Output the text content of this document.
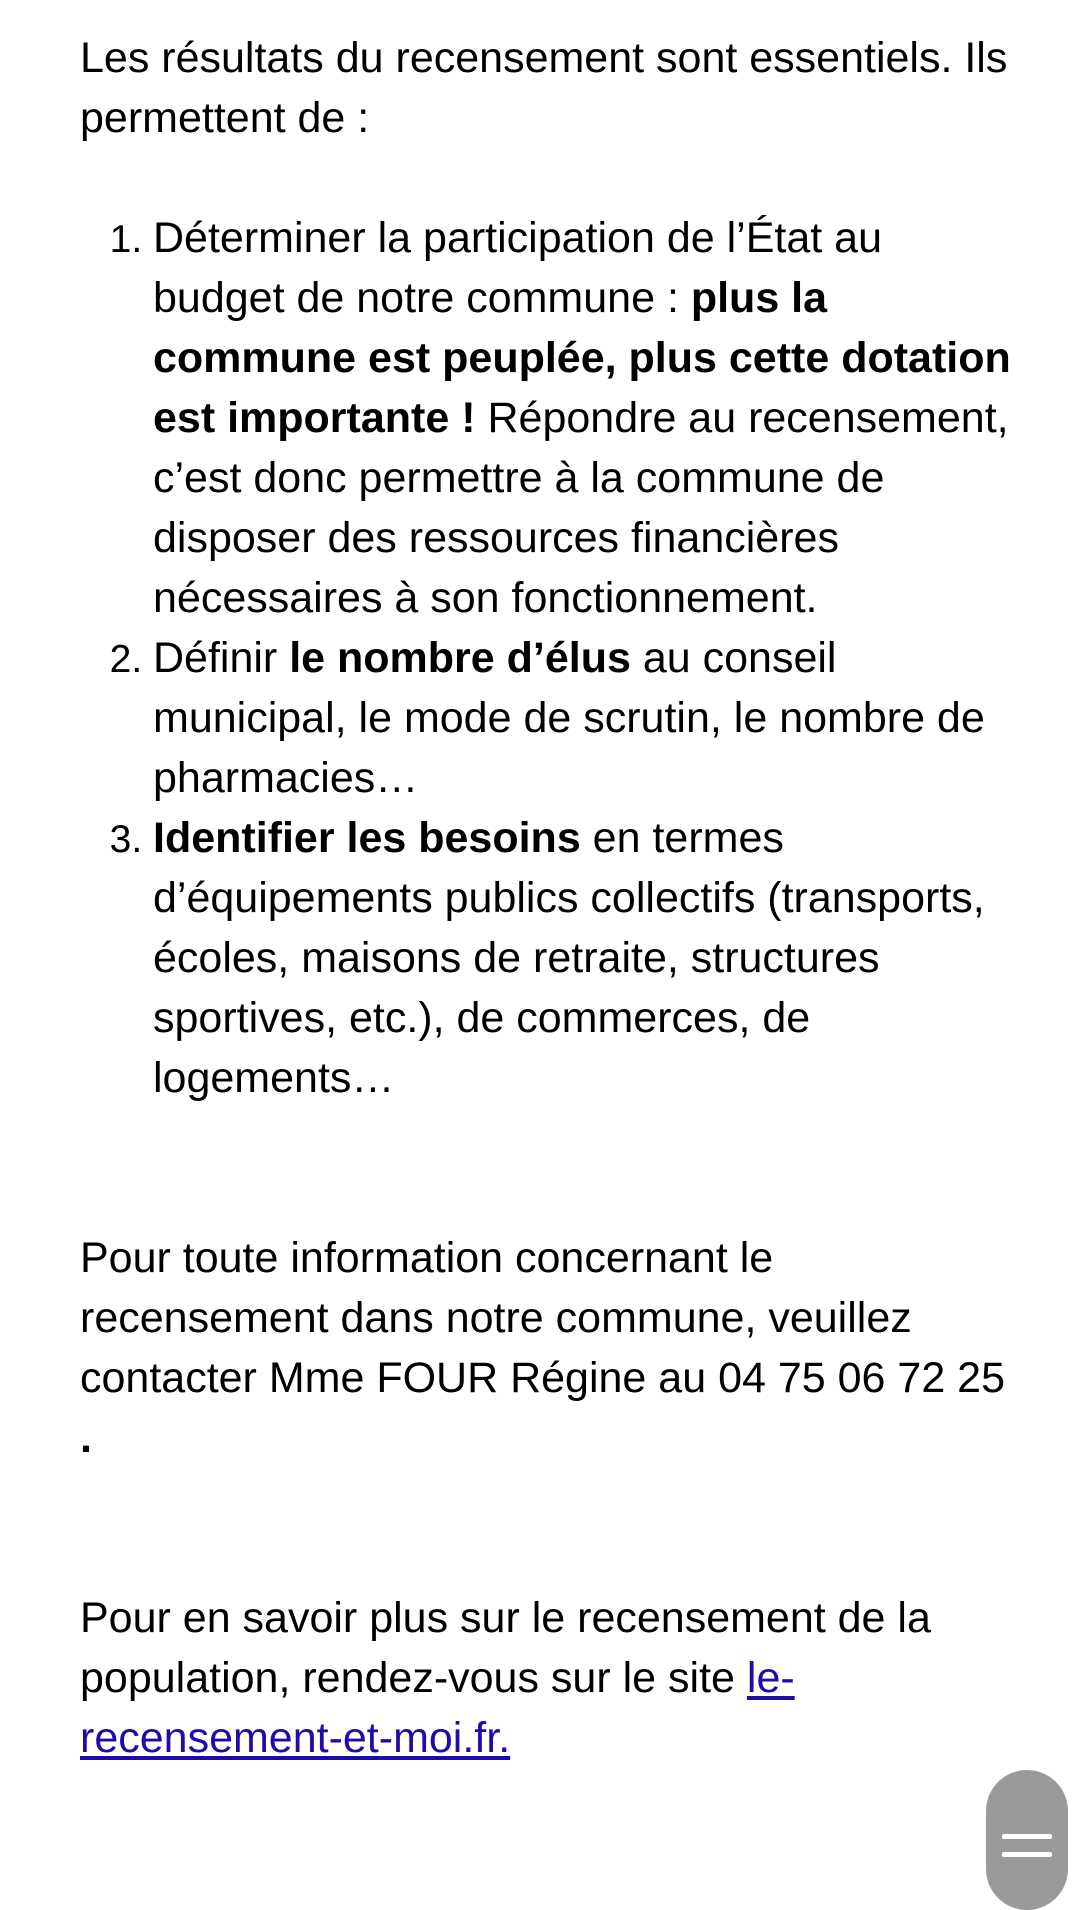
Les résultats du recensement sont essentiels. Ils permettent de :

1. Déterminer la participation de l’État au budget de notre commune : plus la commune est peuplée, plus cette dotation est importante ! Répondre au recensement, c’est donc permettre à la commune de disposer des ressources financières nécessaires à son fonctionnement.
2. Définir le nombre d’élus au conseil municipal, le mode de scrutin, le nombre de pharmacies…
3. Identifier les besoins en termes d’équipements publics collectifs (transports, écoles, maisons de retraite, structures sportives, etc.), de commerces, de logements…

Pour toute information concernant le recensement dans notre commune, veuillez contacter Mme FOUR Régine au 04 75 06 72 25 .

Pour en savoir plus sur le recensement de la population, rendez-vous sur le site le-recensement-et-moi.fr.
